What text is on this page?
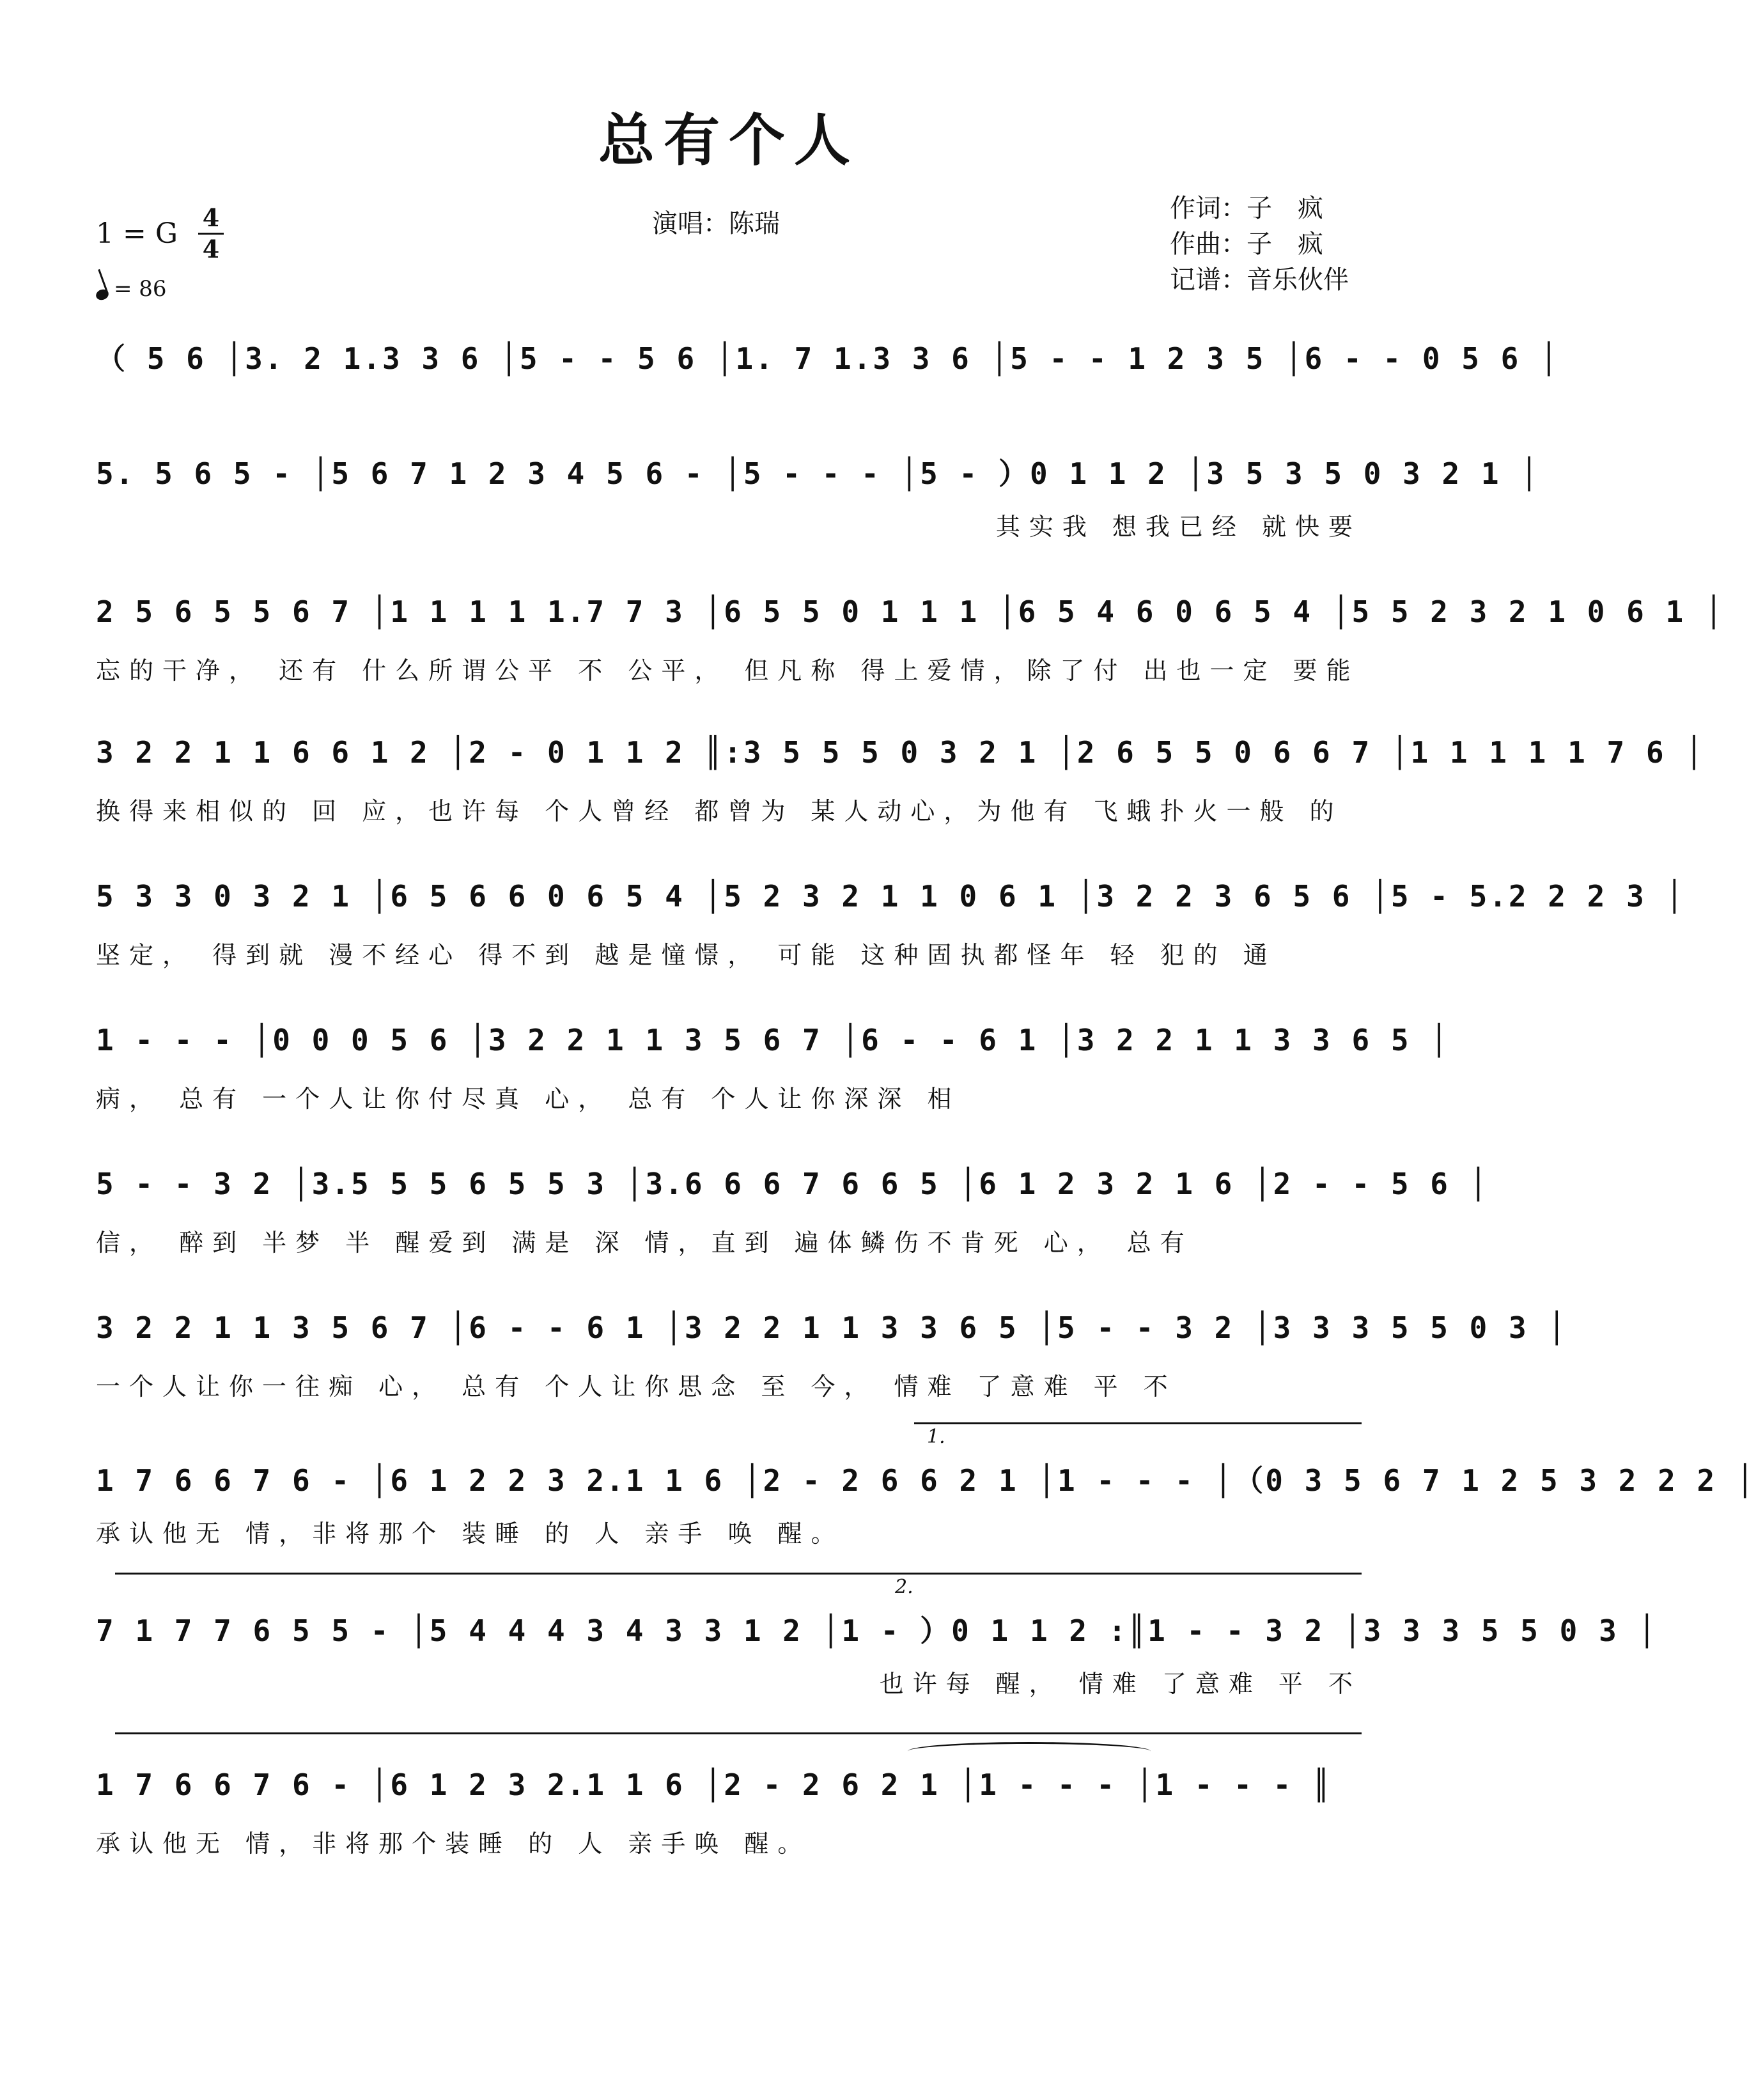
总有个人
1 = G 4
4
= 86
演唱：陈瑞
作词：子　疯
作曲：子　疯
记谱：音乐伙伴
（ 5 6 │3. 2 1.3 3 6 │5 - - 5 6 │1. 7 1.3 3 6 │5 - - 1 2 3 5 │6 - - 0 5 6 │
5. 5 6 5 - │5 6 7 1 2 3 4 5 6 - │5 - - - │5 - ）0 1 1 2 │3 5 3 5 0 3 2 1 │
其实我 想我已经 就快要
2 5 6 5 5 6 7 │1 1 1 1 1.7 7 3 │6 5 5 0 1 1 1 │6 5 4 6 0 6 5 4 │5 5 2 3 2 1 0 6 1 │
忘的干净， 还有 什么所谓公平 不 公平， 但凡称 得上爱情，除了付 出也一定 要能
3 2 2 1 1 6 6 1 2 │2 - 0 1 1 2 ║:3 5 5 5 0 3 2 1 │2 6 5 5 0 6 6 7 │1 1 1 1 1 7 6 │
换得来相似的 回 应，也许每 个人曾经 都曾为 某人动心，为他有 飞蛾扑火一般 的
5 3 3 0 3 2 1 │6 5 6 6 0 6 5 4 │5 2 3 2 1 1 0 6 1 │3 2 2 3 6 5 6 │5 - 5.2 2 2 3 │
坚定， 得到就 漫不经心 得不到 越是憧憬， 可能 这种固执都怪年 轻 犯的 通
1 - - - │0 0 0 5 6 │3 2 2 1 1 3 5 6 7 │6 - - 6 1 │3 2 2 1 1 3 3 6 5 │
病， 总有 一个人让你付尽真 心， 总有 个人让你深深 相
5 - - 3 2 │3.5 5 5 6 5 5 3 │3.6 6 6 7 6 6 5 │6 1 2 3 2 1 6 │2 - - 5 6 │
信， 醉到 半梦 半 醒爱到 满是 深 情，直到 遍体鳞伤不肯死 心， 总有
3 2 2 1 1 3 5 6 7 │6 - - 6 1 │3 2 2 1 1 3 3 6 5 │5 - - 3 2 │3 3 3 5 5 0 3 │
一个人让你一往痴 心， 总有 个人让你思念 至 今， 情难 了意难 平 不
1.
1 7 6 6 7 6 - │6 1 2 2 3 2.1 1 6 │2 - 2 6 6 2 1 │1 - - - │（0 3 5 6 7 1 2 5 3 2 2 2 │
承认他无 情，非将那个 装睡 的 人 亲手 唤 醒。
2.
7 1 7 7 6 5 5 - │5 4 4 4 3 4 3 3 1 2 │1 - ）0 1 1 2 :║1 - - 3 2 │3 3 3 5 5 0 3 │
也许每 醒， 情难 了意难 平 不
1 7 6 6 7 6 - │6 1 2 3 2.1 1 6 │2 - 2 6 2 1 │1 - - - │1 - - - ║
承认他无 情，非将那个装睡 的 人 亲手唤 醒。
